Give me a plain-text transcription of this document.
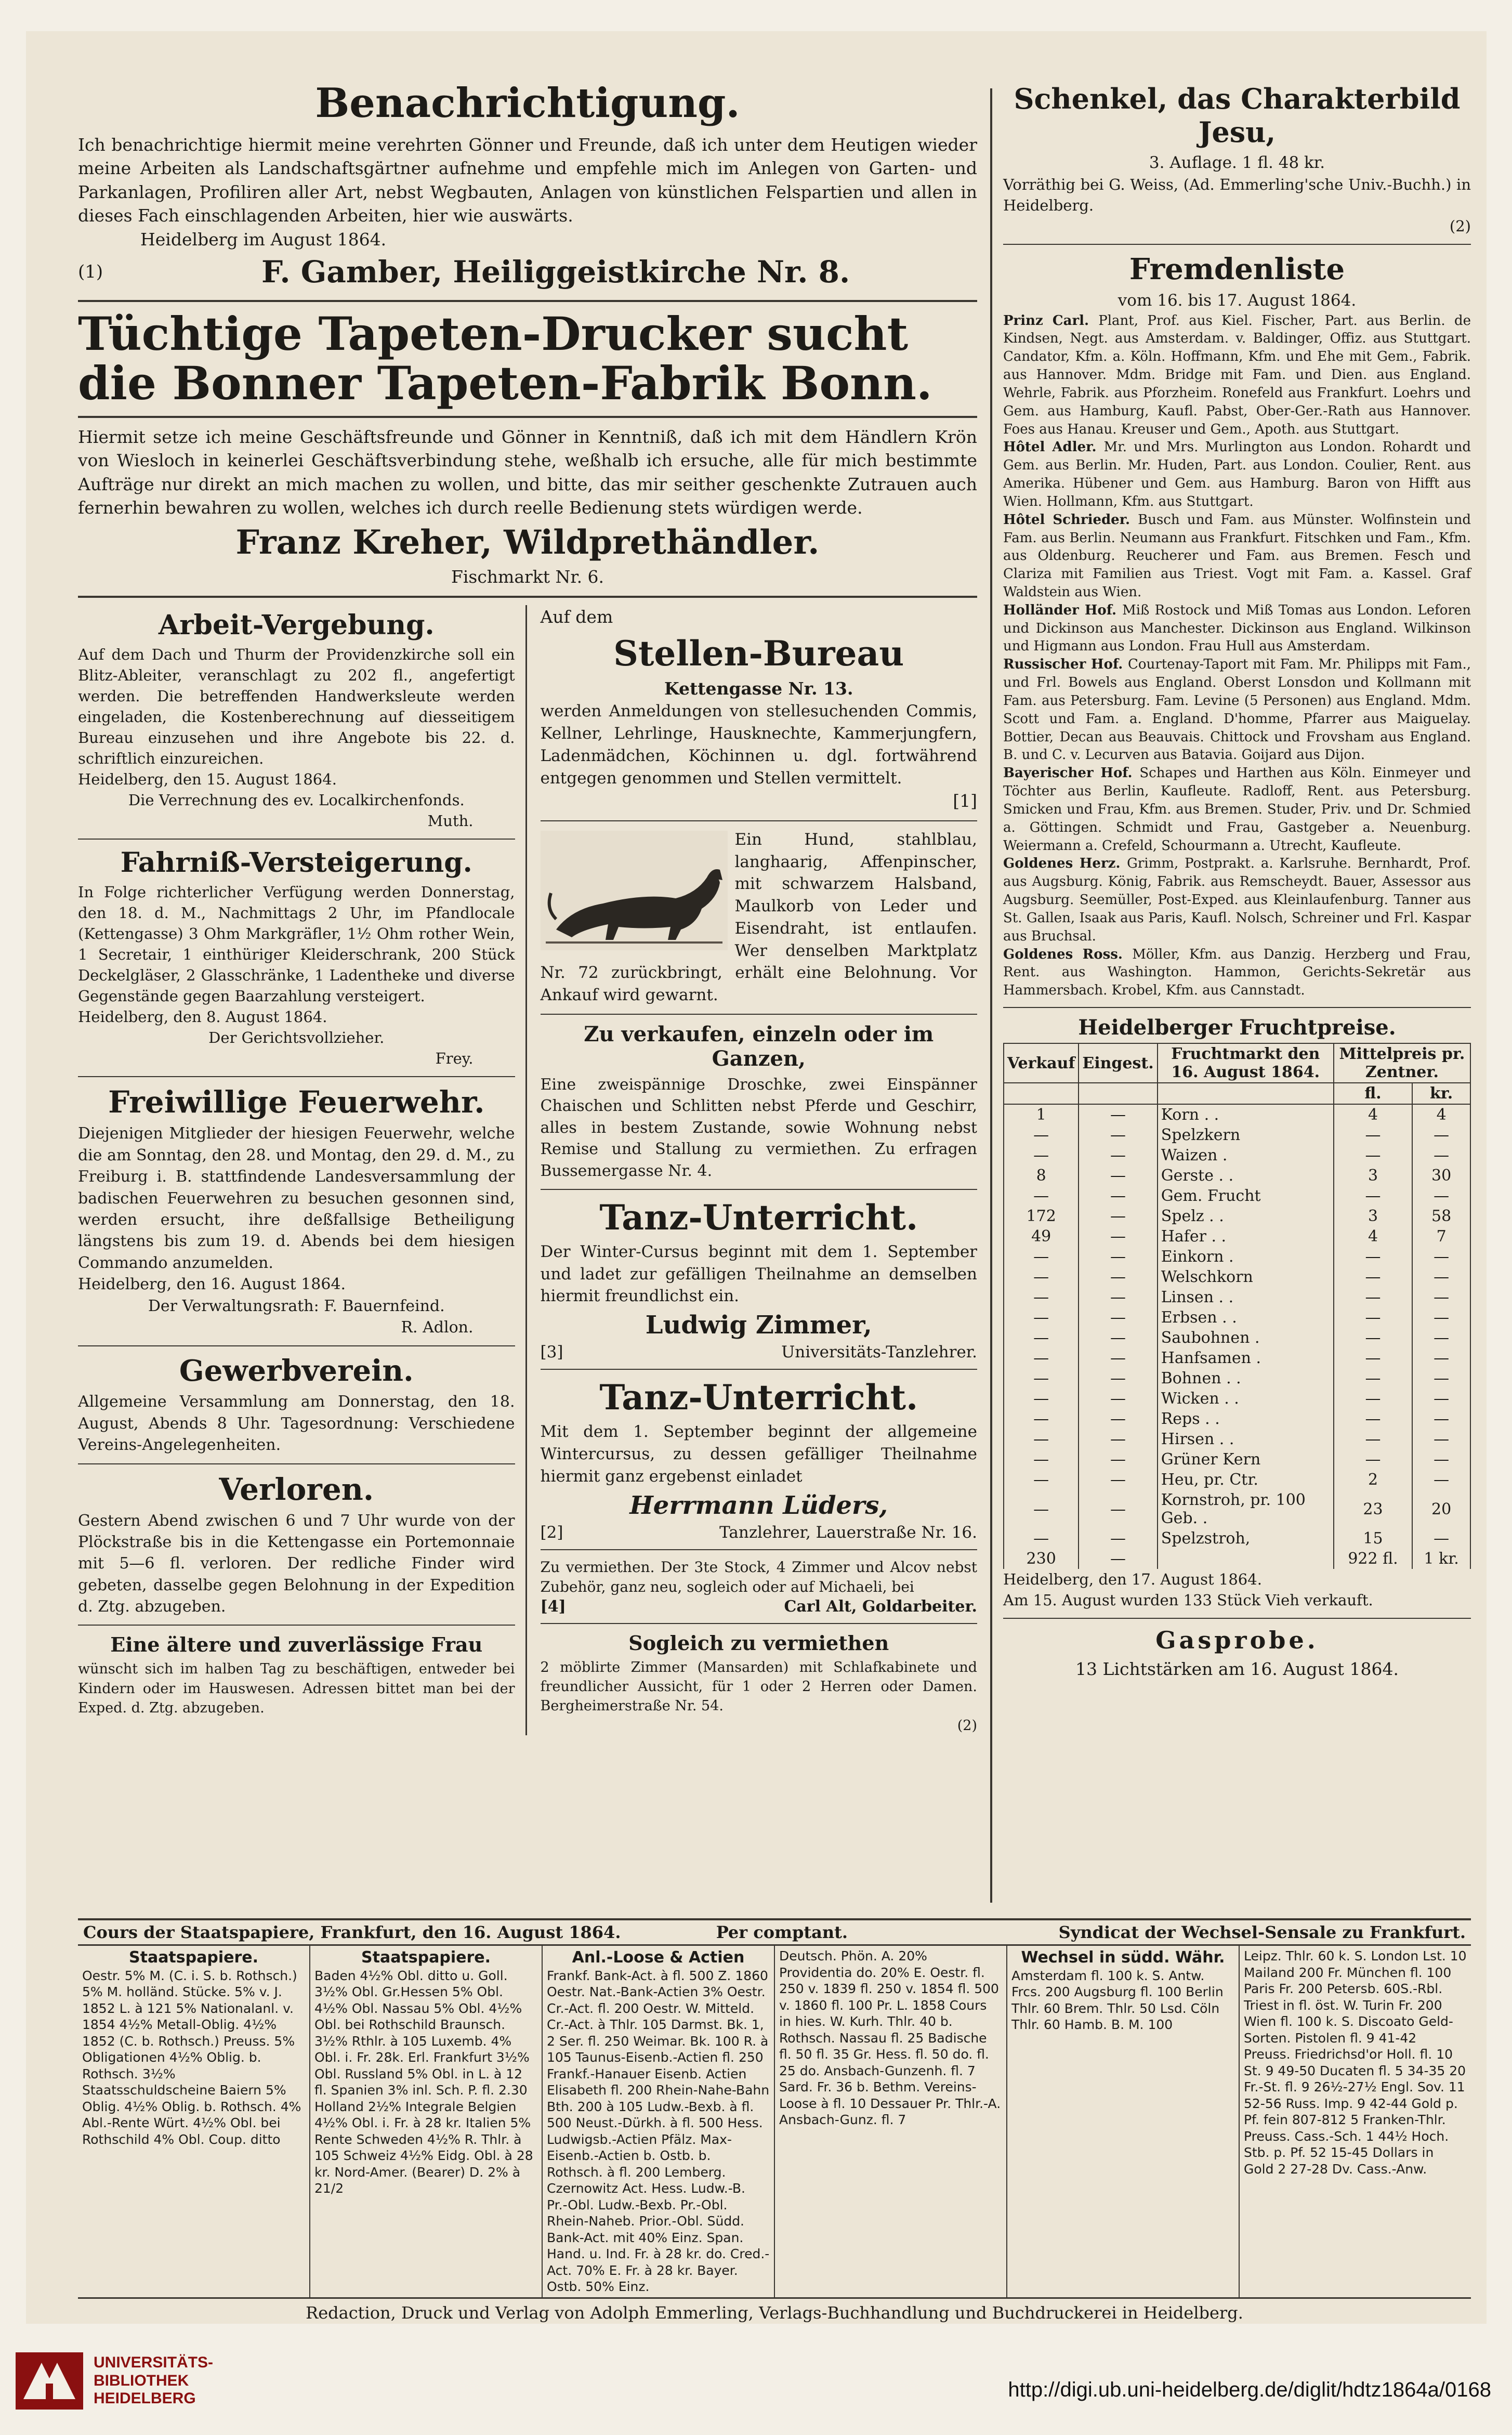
Benachrichtigung.

Ich benachrichtige hiermit meine verehrten Gönner und Freunde, daß ich unter dem Heutigen wieder meine Arbeiten als Landschaftsgärtner aufnehme und empfehle mich im Anlegen von Garten- und Parkanlagen, Profiliren aller Art, nebst Wegbauten, Anlagen von künstlichen Felspartien und allen in dieses Fach einschlagenden Arbeiten, hier wie auswärts.

Heidelberg im August 1864.

(1)	F. Gamber, Heiliggeistkirche Nr. 8.
Tüchtige Tapeten-Drucker sucht die Bonner Tapeten-Fabrik Bonn.

Hiermit setze ich meine Geschäftsfreunde und Gönner in Kenntniß, daß ich mit dem Händlern Krön von Wiesloch in keinerlei Geschäftsverbindung stehe, weßhalb ich ersuche, alle für mich bestimmte Aufträge nur direkt an mich machen zu wollen, und bitte, das mir seither geschenkte Zutrauen auch fernerhin bewahren zu wollen, welches ich durch reelle Bedienung stets würdigen werde.

Franz Kreher, Wildprethändler.

Fischmarkt Nr. 6.

Arbeit-Vergebung.

Auf dem Dach und Thurm der Providenzkirche soll ein Blitz-Ableiter, veranschlagt zu 202 fl., angefertigt werden. Die betreffenden Handwerksleute werden eingeladen, die Kostenberechnung auf diesseitigem Bureau einzusehen und ihre Angebote bis 22. d. schriftlich einzureichen.

Heidelberg, den 15. August 1864.

Die Verrechnung des ev. Localkirchenfonds.

Muth.

Fahrniß-Versteigerung.

In Folge richterlicher Verfügung werden Donnerstag, den 18. d. M., Nachmittags 2 Uhr, im Pfandlocale (Kettengasse) 3 Ohm Markgräfler, 1½ Ohm rother Wein, 1 Secretair, 1 einthüriger Kleiderschrank, 200 Stück Deckelgläser, 2 Glasschränke, 1 Ladentheke und diverse Gegenstände gegen Baarzahlung versteigert.

Heidelberg, den 8. August 1864.

Der Gerichtsvollzieher.

Frey.

Freiwillige Feuerwehr.

Diejenigen Mitglieder der hiesigen Feuerwehr, welche die am Sonntag, den 28. und Montag, den 29. d. M., zu Freiburg i. B. stattfindende Landesversammlung der badischen Feuerwehren zu besuchen gesonnen sind, werden ersucht, ihre deßfallsige Betheiligung längstens bis zum 19. d. Abends bei dem hiesigen Commando anzumelden.

Heidelberg, den 16. August 1864.

Der Verwaltungsrath: F. Bauernfeind.

R. Adlon.

Gewerbverein.

Allgemeine Versammlung am Donnerstag, den 18. August, Abends 8 Uhr. Tagesordnung: Verschiedene Vereins-Angelegenheiten.

Verloren.

Gestern Abend zwischen 6 und 7 Uhr wurde von der Plöckstraße bis in die Kettengasse ein Portemonnaie mit 5—6 fl. verloren. Der redliche Finder wird gebeten, dasselbe gegen Belohnung in der Expedition d. Ztg. abzugeben.

Eine ältere und zuverlässige Frau

wünscht sich im halben Tag zu beschäftigen, entweder bei Kindern oder im Hauswesen. Adressen bittet man bei der Exped. d. Ztg. abzugeben.

Auf dem

Stellen-Bureau

Kettengasse Nr. 13.

werden Anmeldungen von stellesuchenden Commis, Kellner, Lehrlinge, Hausknechte, Kammerjungfern, Ladenmädchen, Köchinnen u. dgl. fortwährend entgegen genommen und Stellen vermittelt.

[1]

Ein Hund, stahlblau, langhaarig, Affenpinscher, mit schwarzem Halsband, Maulkorb von Leder und Eisendraht, ist entlaufen. Wer denselben Marktplatz Nr. 72 zurückbringt, erhält eine Belohnung. Vor Ankauf wird gewarnt.

Zu verkaufen, einzeln oder im Ganzen,

Eine zweispännige Droschke, zwei Einspänner Chaischen und Schlitten nebst Pferde und Geschirr, alles in bestem Zustande, sowie Wohnung nebst Remise und Stallung zu vermiethen. Zu erfragen Bussemergasse Nr. 4.

Tanz-Unterricht.

Der Winter-Cursus beginnt mit dem 1. September und ladet zur gefälligen Theilnahme an demselben hiermit freundlichst ein.

Ludwig Zimmer,
[3]	Universitäts-Tanzlehrer.
Tanz-Unterricht.

Mit dem 1. September beginnt der allgemeine Wintercursus, zu dessen gefälliger Theilnahme hiermit ganz ergebenst einladet

Herrmann Lüders,
[2]	Tanzlehrer, Lauerstraße Nr. 16.

Zu vermiethen. Der 3te Stock, 4 Zimmer und Alcov nebst Zubehör, ganz neu, sogleich oder auf Michaeli, bei

[4]	Carl Alt, Goldarbeiter.
Sogleich zu vermiethen

2 möblirte Zimmer (Mansarden) mit Schlafkabinete und freundlicher Aussicht, für 1 oder 2 Herren oder Damen. Bergheimerstraße Nr. 54.

(2)

Schenkel, das Charakterbild Jesu,

3. Auflage. 1 fl. 48 kr.

Vorräthig bei G. Weiss, (Ad. Emmerling'sche Univ.-Buchh.) in Heidelberg.

(2)

Fremdenliste

vom 16. bis 17. August 1864.

Prinz Carl. Plant, Prof. aus Kiel. Fischer, Part. aus Berlin. de Kindsen, Negt. aus Amsterdam. v. Baldinger, Offiz. aus Stuttgart. Candator, Kfm. a. Köln. Hoffmann, Kfm. und Ehe mit Gem., Fabrik. aus Hannover. Mdm. Bridge mit Fam. und Dien. aus England. Wehrle, Fabrik. aus Pforzheim. Ronefeld aus Frankfurt. Loehrs und Gem. aus Hamburg, Kaufl. Pabst, Ober-Ger.-Rath aus Hannover. Foes aus Hanau. Kreuser und Gem., Apoth. aus Stuttgart.

Hôtel Adler. Mr. und Mrs. Murlington aus London. Rohardt und Gem. aus Berlin. Mr. Huden, Part. aus London. Coulier, Rent. aus Amerika. Hübener und Gem. aus Hamburg. Baron von Hifft aus Wien. Hollmann, Kfm. aus Stuttgart.

Hôtel Schrieder. Busch und Fam. aus Münster. Wolfinstein und Fam. aus Berlin. Neumann aus Frankfurt. Fitschken und Fam., Kfm. aus Oldenburg. Reucherer und Fam. aus Bremen. Fesch und Clariza mit Familien aus Triest. Vogt mit Fam. a. Kassel. Graf Waldstein aus Wien.

Holländer Hof. Miß Rostock und Miß Tomas aus London. Leforen und Dickinson aus Manchester. Dickinson aus England. Wilkinson und Higmann aus London. Frau Hull aus Amsterdam.

Russischer Hof. Courtenay-Taport mit Fam. Mr. Philipps mit Fam., und Frl. Bowels aus England. Oberst Lonsdon und Kollmann mit Fam. aus Petersburg. Fam. Levine (5 Personen) aus England. Mdm. Scott und Fam. a. England. D'homme, Pfarrer aus Maiguelay. Bottier, Decan aus Beauvais. Chittock und Frovsham aus England. B. und C. v. Lecurven aus Batavia. Goijard aus Dijon.

Bayerischer Hof. Schapes und Harthen aus Köln. Einmeyer und Töchter aus Berlin, Kaufleute. Radloff, Rent. aus Petersburg. Smicken und Frau, Kfm. aus Bremen. Studer, Priv. und Dr. Schmied a. Göttingen. Schmidt und Frau, Gastgeber a. Neuenburg. Weiermann a. Crefeld, Schourmann a. Utrecht, Kaufleute.

Goldenes Herz. Grimm, Postprakt. a. Karlsruhe. Bernhardt, Prof. aus Augsburg. König, Fabrik. aus Remscheydt. Bauer, Assessor aus Augsburg. Seemüller, Post-Exped. aus Kleinlaufenburg. Tanner aus St. Gallen, Isaak aus Paris, Kaufl. Nolsch, Schreiner und Frl. Kaspar aus Bruchsal.

Goldenes Ross. Möller, Kfm. aus Danzig. Herzberg und Frau, Rent. aus Washington. Hammon, Gerichts-Sekretär aus Hammersbach. Krobel, Kfm. aus Cannstadt.

Heidelberger Fruchtpreise.
Verkauf	Eingest.	Fruchtmarkt den 16. August 1864.	Mittelpreis pr. Zentner.	
			fl.	kr.
1	—	Korn . .	4	4
—	—	Spelzkern	—	—
—	—	Waizen .	—	—
8	—	Gerste . .	3	30
—	—	Gem. Frucht	—	—
172	—	Spelz . .	3	58
49	—	Hafer . .	4	7
—	—	Einkorn .	—	—
—	—	Welschkorn	—	—
—	—	Linsen . .	—	—
—	—	Erbsen . .	—	—
—	—	Saubohnen .	—	—
—	—	Hanfsamen .	—	—
—	—	Bohnen . .	—	—
—	—	Wicken . .	—	—
—	—	Reps . .	—	—
—	—	Hirsen . .	—	—
—	—	Grüner Kern	—	—
—	—	Heu, pr. Ctr.	2	—
—	—	Kornstroh, pr. 100 Geb. .	23	20
—	—	Spelzstroh,	15	—
230	—		922 fl.	1 kr.

Heidelberg, den 17. August 1864.

Am 15. August wurden 133 Stück Vieh verkauft.

Gasprobe.

13 Lichtstärken am 16. August 1864.

Cours der Staatspapiere, Frankfurt, den 16. August 1864.	Per comptant.	Syndicat der Wechsel-Sensale zu Frankfurt.
Staatspapiere.
Oestr. 5% M. (C. i. S. b. Rothsch.) 5% M. holländ. Stücke. 5% v. J. 1852 L. à 121 5% Nationalanl. v. 1854 4½% Metall-Oblig. 4½% 1852 (C. b. Rothsch.) Preuss. 5% Obligationen 4½% Oblig. b. Rothsch. 3½% Staatsschuldscheine Baiern 5% Oblig. 4½% Oblig. b. Rothsch. 4% Abl.-Rente Würt. 4½% Obl. bei Rothschild 4% Obl. Coup. ditto
Staatspapiere.
Baden 4½% Obl. ditto u. Goll. 3½% Obl. Gr.Hessen 5% Obl. 4½% Obl. Nassau 5% Obl. 4½% Obl. bei Rothschild Braunsch. 3½% Rthlr. à 105 Luxemb. 4% Obl. i. Fr. 28k. Erl. Frankfurt 3½% Obl. Russland 5% Obl. in L. à 12 fl. Spanien 3% inl. Sch. P. fl. 2.30 Holland 2½% Integrale Belgien 4½% Obl. i. Fr. à 28 kr. Italien 5% Rente Schweden 4½% R. Thlr. à 105 Schweiz 4½% Eidg. Obl. à 28 kr. Nord-Amer. (Bearer) D. 2% à 21/2
Anl.-Loose & Actien
Frankf. Bank-Act. à fl. 500 Z. 1860 Oestr. Nat.-Bank-Actien 3% Oestr. Cr.-Act. fl. 200 Oestr. W. Mitteld. Cr.-Act. à Thlr. 105 Darmst. Bk. 1, 2 Ser. fl. 250 Weimar. Bk. 100 R. à 105 Taunus-Eisenb.-Actien fl. 250 Frankf.-Hanauer Eisenb. Actien Elisabeth fl. 200 Rhein-Nahe-Bahn Bth. 200 à 105 Ludw.-Bexb. à fl. 500 Neust.-Dürkh. à fl. 500 Hess. Ludwigsb.-Actien Pfälz. Max-Eisenb.-Actien b. Ostb. b. Rothsch. à fl. 200 Lemberg. Czernowitz Act. Hess. Ludw.-B. Pr.-Obl. Ludw.-Bexb. Pr.-Obl. Rhein-Naheb. Prior.-Obl. Südd. Bank-Act. mit 40% Einz. Span. Hand. u. Ind. Fr. à 28 kr. do. Cred.-Act. 70% E. Fr. à 28 kr. Bayer. Ostb. 50% Einz.
Deutsch. Phön. A. 20% Providentia do. 20% E. Oestr. fl. 250 v. 1839 fl. 250 v. 1854 fl. 500 v. 1860 fl. 100 Pr. L. 1858 Cours in hies. W. Kurh. Thlr. 40 b. Rothsch. Nassau fl. 25 Badische fl. 50 fl. 35 Gr. Hess. fl. 50 do. fl. 25 do. Ansbach-Gunzenh. fl. 7 Sard. Fr. 36 b. Bethm. Vereins-Loose à fl. 10 Dessauer Pr. Thlr.-A. Ansbach-Gunz. fl. 7
Wechsel in südd. Währ.
Amsterdam fl. 100 k. S. Antw. Frcs. 200 Augsburg fl. 100 Berlin Thlr. 60 Brem. Thlr. 50 Lsd. Cöln Thlr. 60 Hamb. B. M. 100
Leipz. Thlr. 60 k. S. London Lst. 10 Mailand 200 Fr. München fl. 100 Paris Fr. 200 Petersb. 60S.-Rbl. Triest in fl. öst. W. Turin Fr. 200 Wien fl. 100 k. S. Discoato Geld-Sorten. Pistolen fl. 9 41-42 Preuss. Friedrichsd'or Holl. fl. 10 St. 9 49-50 Ducaten fl. 5 34-35 20 Fr.-St. fl. 9 26½-27½ Engl. Sov. 11 52-56 Russ. Imp. 9 42-44 Gold p. Pf. fein 807-812 5 Franken-Thlr. Preuss. Cass.-Sch. 1 44½ Hoch. Stb. p. Pf. 52 15-45 Dollars in Gold 2 27-28 Dv. Cass.-Anw.
Redaction, Druck und Verlag von Adolph Emmerling, Verlags-Buchhandlung und Buchdruckerei in Heidelberg.
UNIVERSITÄTS-
BIBLIOTHEK
HEIDELBERG	http://digi.ub.uni-heidelberg.de/diglit/hdtz1864a/0168
